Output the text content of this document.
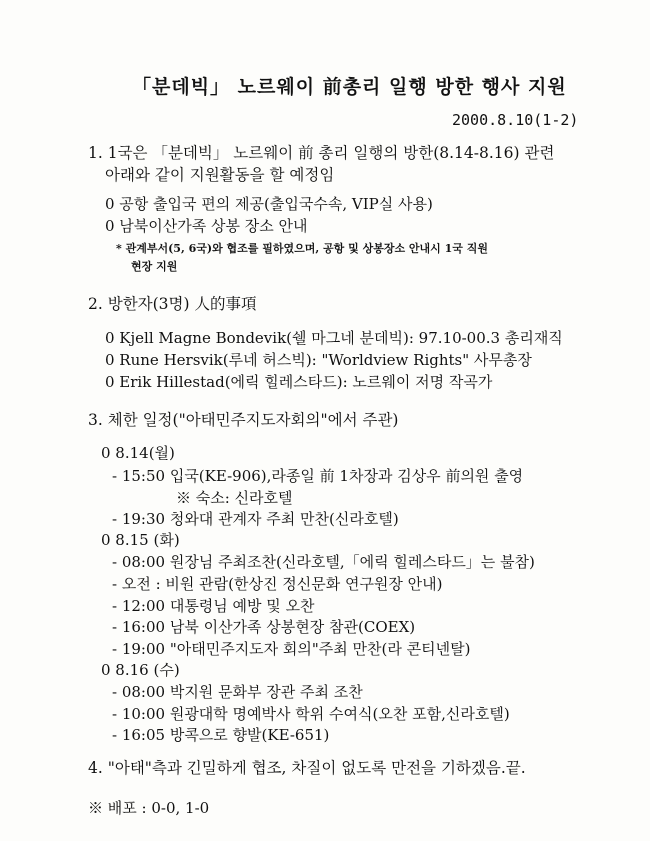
「분데빅」 노르웨이 前총리 일행 방한 행사 지원
2000.8.10(1-2)
1. 1국은 「분데빅」 노르웨이 前 총리 일행의 방한(8.14-8.16) 관련
아래와 같이 지원활동을 할 예정임
0 공항 출입국 편의 제공(출입국수속, VIP실 사용)
0 남북이산가족 상봉 장소 안내
* 관계부서(5, 6국)와 협조를 필하였으며, 공항 및 상봉장소 안내시 1국 직원
현장 지원
2. 방한자(3명) 人的事項
0 Kjell Magne Bondevik(쉘 마그네 분데빅): 97.10-00.3 총리재직
0 Rune Hersvik(루네 허스빅): "Worldview Rights" 사무총장
0 Erik Hillestad(에릭 힐레스타드): 노르웨이 저명 작곡가
3. 체한 일정("아태민주지도자회의"에서 주관)
0 8.14(월)
- 15:50 입국(KE-906),라종일 前 1차장과 김상우 前의원 출영
※ 숙소: 신라호텔
- 19:30 청와대 관계자 주최 만찬(신라호텔)
0 8.15 (화)
- 08:00 원장님 주최조찬(신라호텔,「에릭 힐레스타드」는 불참)
- 오전 : 비원 관람(한상진 정신문화 연구원장 안내)
- 12:00 대통령님 예방 및 오찬
- 16:00 남북 이산가족 상봉현장 참관(COEX)
- 19:00 "아태민주지도자 회의"주최 만찬(라 콘티넨탈)
0 8.16 (수)
- 08:00 박지원 문화부 장관 주최 조찬
- 10:00 원광대학 명예박사 학위 수여식(오찬 포함,신라호텔)
- 16:05 방콕으로 향발(KE-651)
4. "아태"측과 긴밀하게 협조, 차질이 없도록 만전을 기하겠음.끝.
※ 배포 : 0-0, 1-0
